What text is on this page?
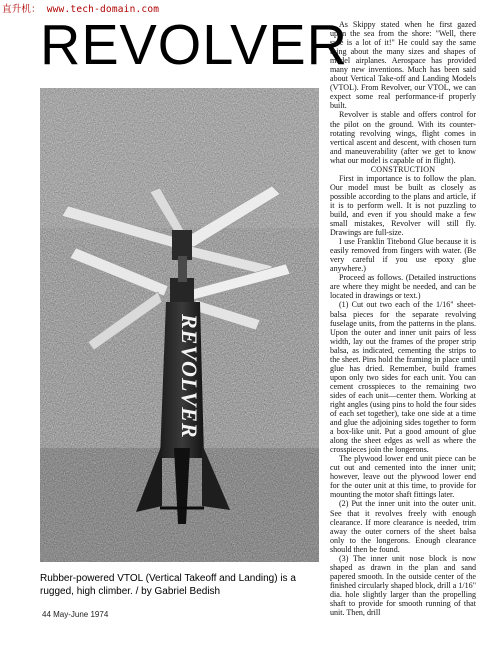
直升机： www.tech-domain.com
REVOLVER
REVOLVER
Rubber-powered VTOL (Vertical Takeoff and Landing) is a rugged, high climber. / by Gabriel Bedish
44 May-June 1974

As Skippy stated when he first gazed upon the sea from the shore: "Well, there sure is a lot of it!" He could say the same thing about the many sizes and shapes of model airplanes. Aerospace has provided many new inventions. Much has been said about Vertical Take-off and Landing Models (VTOL). From Revolver, our VTOL, we can expect some real performance-if properly built.

Revolver is stable and offers control for the pilot on the ground. With its counter-rotating revolving wings, flight comes in vertical ascent and descent, with chosen turn and maneuverability (after we get to know what our model is capable of in flight).

CONSTRUCTION

First in importance is to follow the plan. Our model must be built as closely as possible according to the plans and article, if it is to perform well. It is not puzzling to build, and even if you should make a few small mistakes, Revolver will still fly. Drawings are full-size.

I use Franklin Titebond Glue because it is easily removed from fingers with water. (Be very careful if you use epoxy glue anywhere.)

Proceed as follows. (Detailed instructions are where they might be needed, and can be located in drawings or text.)

(1) Cut out two each of the 1/16" sheet-balsa pieces for the separate revolving fuselage units, from the patterns in the plans. Upon the outer and inner unit pairs of less width, lay out the frames of the proper strip balsa, as indicated, cementing the strips to the sheet. Pins hold the framing in place until glue has dried. Remember, build frames upon only two sides for each unit. You can cement crosspieces to the remaining two sides of each unit—center them. Working at right angles (using pins to hold the four sides of each set together), take one side at a time and glue the adjoining sides together to form a box-like unit. Put a good amount of glue along the sheet edges as well as where the crosspieces join the longerons.

The plywood lower end unit piece can be cut out and cemented into the inner unit; however, leave out the plywood lower end for the outer unit at this time, to provide for mounting the motor shaft fittings later.

(2) Put the inner unit into the outer unit. See that it revolves freely with enough clearance. If more clearance is needed, trim away the outer corners of the sheet balsa only to the longerons. Enough clearance should then be found.

(3) The inner unit nose block is now shaped as drawn in the plan and sand papered smooth. In the outside center of the finished circularly shaped block, drill a 1/16" dia. hole slightly larger than the propelling shaft to provide for smooth running of that unit. Then, drill
